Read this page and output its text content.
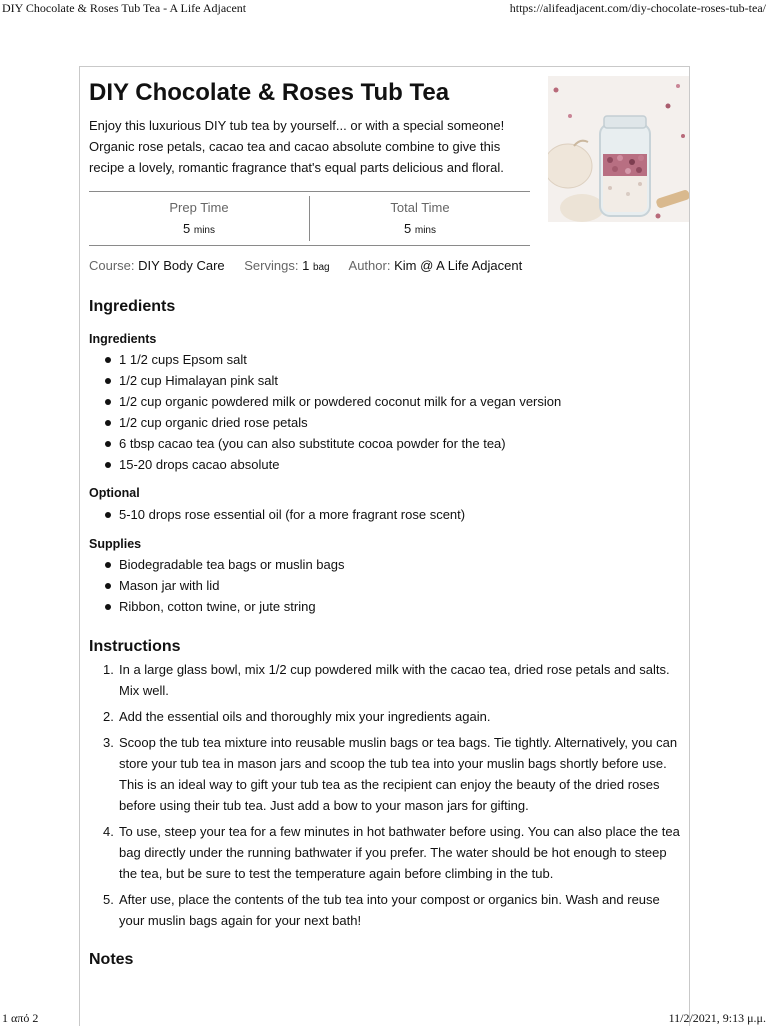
DIY Chocolate & Roses Tub Tea - A Life Adjacent	https://alifeadjacent.com/diy-chocolate-roses-tub-tea/
DIY Chocolate & Roses Tub Tea

Enjoy this luxurious DIY tub tea by yourself... or with a special someone! Organic rose petals, cacao tea and cacao absolute combine to give this recipe a lovely, romantic fragrance that's equal parts delicious and floral.

Prep Time
5 mins
Total Time
5 mins
Course: DIY Body Care Servings: 1 bag Author: Kim @ A Life Adjacent
Ingredients
Ingredients
1 1/2 cups Epsom salt
1/2 cup Himalayan pink salt
1/2 cup organic powdered milk or powdered coconut milk for a vegan version
1/2 cup organic dried rose petals
6 tbsp cacao tea (you can also substitute cocoa powder for the tea)
15-20 drops cacao absolute
Optional
5-10 drops rose essential oil (for a more fragrant rose scent)
Supplies
Biodegradable tea bags or muslin bags
Mason jar with lid
Ribbon, cotton twine, or jute string
Instructions
1. In a large glass bowl, mix 1/2 cup powdered milk with the cacao tea, dried rose petals and salts. Mix well.
2. Add the essential oils and thoroughly mix your ingredients again.
3. Scoop the tub tea mixture into reusable muslin bags or tea bags. Tie tightly. Alternatively, you can store your tub tea in mason jars and scoop the tub tea into your muslin bags shortly before use. This is an ideal way to gift your tub tea as the recipient can enjoy the beauty of the dried roses before using their tub tea. Just add a bow to your mason jars for gifting.
4. To use, steep your tea for a few minutes in hot bathwater before using. You can also place the tea bag directly under the running bathwater if you prefer. The water should be hot enough to steep the tea, but be sure to test the temperature again before climbing in the tub.
5. After use, place the contents of the tub tea into your compost or organics bin. Wash and reuse your muslin bags again for your next bath!
Notes
1 από 2	11/2/2021, 9:13 μ.μ.
